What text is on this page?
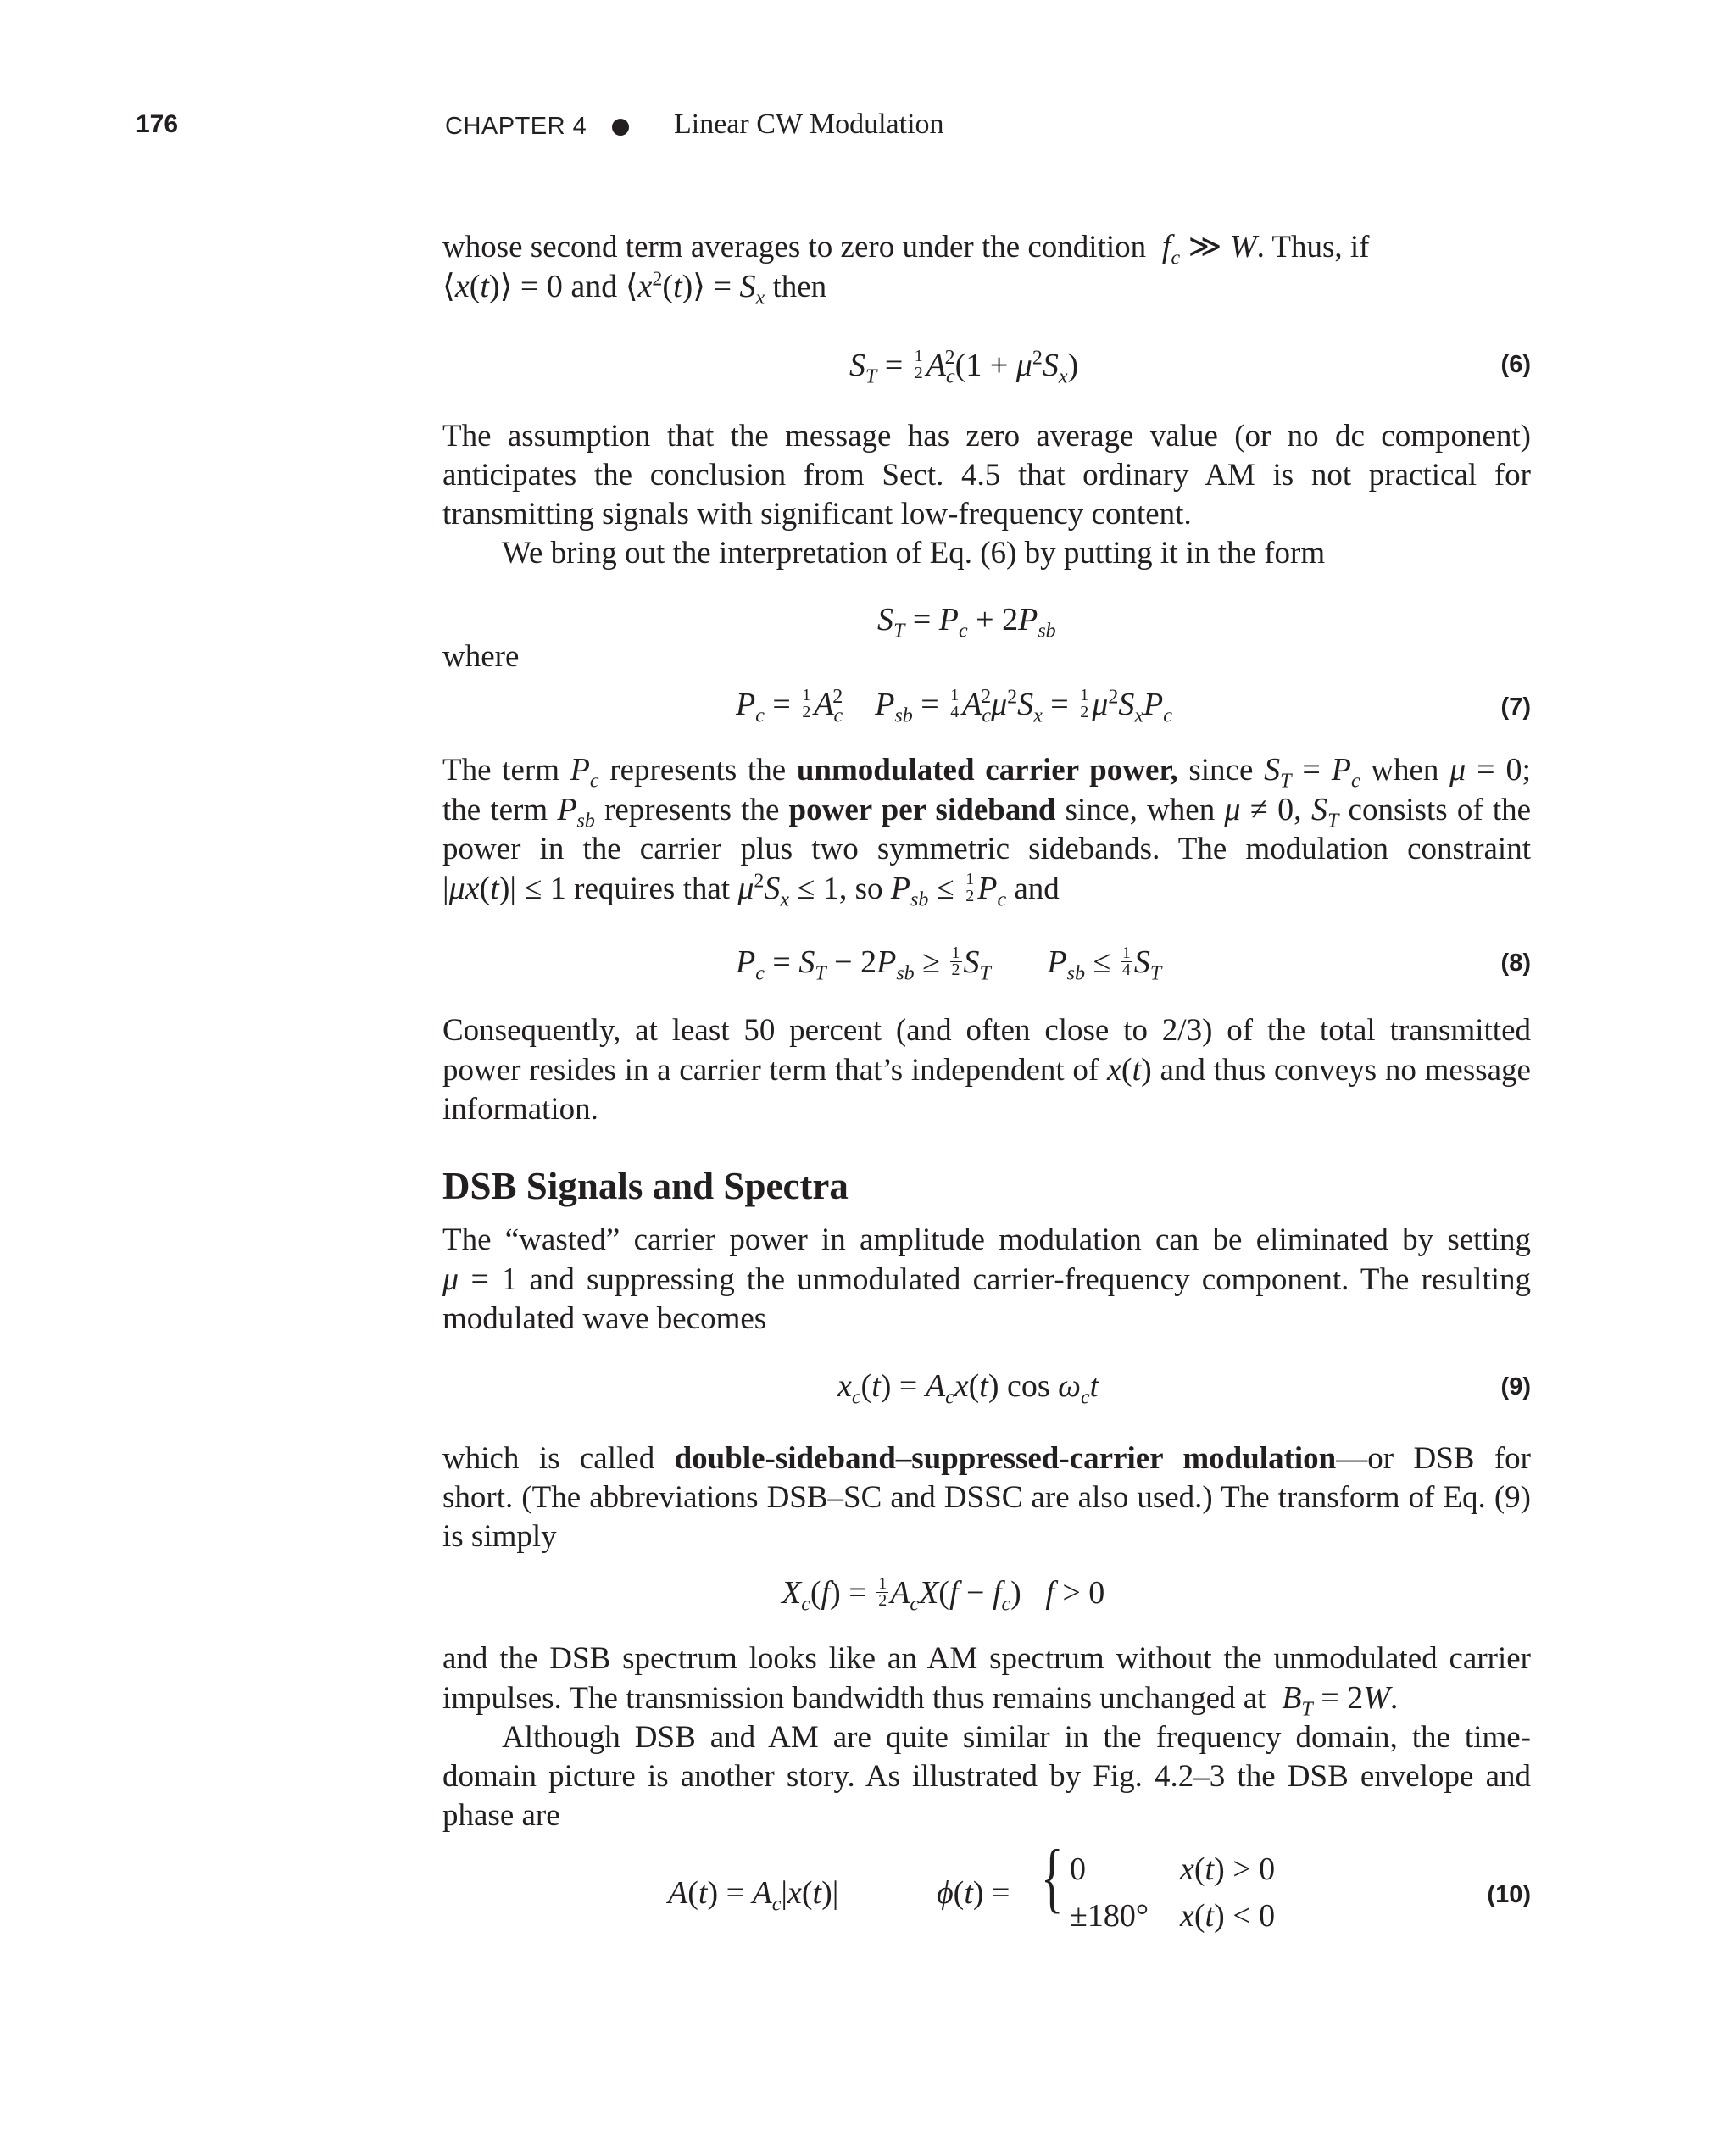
176	CHAPTER 4	Linear CW Modulation

whose second term averages to zero under the condition $f_c$ ≫ W. Thus, if
⟨x(t)⟩ = 0 and $⟨x^2(t)⟩ = S_x$ then

$S_T = \frac{1}{2} A_c^2(1 + \mu^2S_x)$	(6)

The assumption that the message has zero average value (or no dc component) anticipates the conclusion from Sect. 4.5 that ordinary AM is not practical for transmitting signals with significant low-frequency content.

We bring out the interpretation of Eq. (6) by putting it in the form

$S_T = P_c + 2P_{sb}$
where
$P_c = \frac{1}{2} A_c^2$ $P_{sb} = \frac{1}{4} A_c^2\mu^2S_x = \frac{1}{2} \mu^2S_xP_c$	(7)

The term $P_c$ represents the unmodulated carrier power, since $S_T = P_c$ when μ = 0; the term $P_{sb}$ represents the power per sideband since, when μ ≠ 0, $S_T$ consists of the power in the carrier plus two symmetric sidebands. The modulation constraint |μx(t)| ≤ 1 requires that $\mu^2S_x \le 1$, so $P_{sb} \le \frac{1}{2} P_c$ and

$P_c = S_T - 2P_{sb} \ge \frac{1}{2} S_T$ $P_{sb} \le \frac{1}{4} S_T$	(8)

Consequently, at least 50 percent (and often close to 2/3) of the total transmitted power resides in a carrier term that’s independent of x(t) and thus conveys no message information.

DSB Signals and Spectra

The “wasted” carrier power in amplitude modulation can be eliminated by setting μ = 1 and suppressing the unmodulated carrier-frequency component. The resulting modulated wave becomes

$x_c(t) = A_cx(t)$ $\cos \omega_ct$	(9)

which is called double-sideband–suppressed-carrier modulation—or DSB for short. (The abbreviations DSB–SC and DSSC are also used.) The transform of Eq. (9) is simply

$X_c(f) = \frac{1}{2} A_cX(f - f_c) f > 0$

and the DSB spectrum looks like an AM spectrum without the unmodulated carrier impulses. The transmission bandwidth thus remains unchanged at $B_T = 2W$.

Although DSB and AM are quite similar in the frequency domain, the time-domain picture is another story. As illustrated by Fig. 4.2–3 the DSB envelope and phase are

$A(t) = A_c|x(t)|$	ϕ(t) = { 0	x(t) > 0
±180° x(t) < 0
(10)
